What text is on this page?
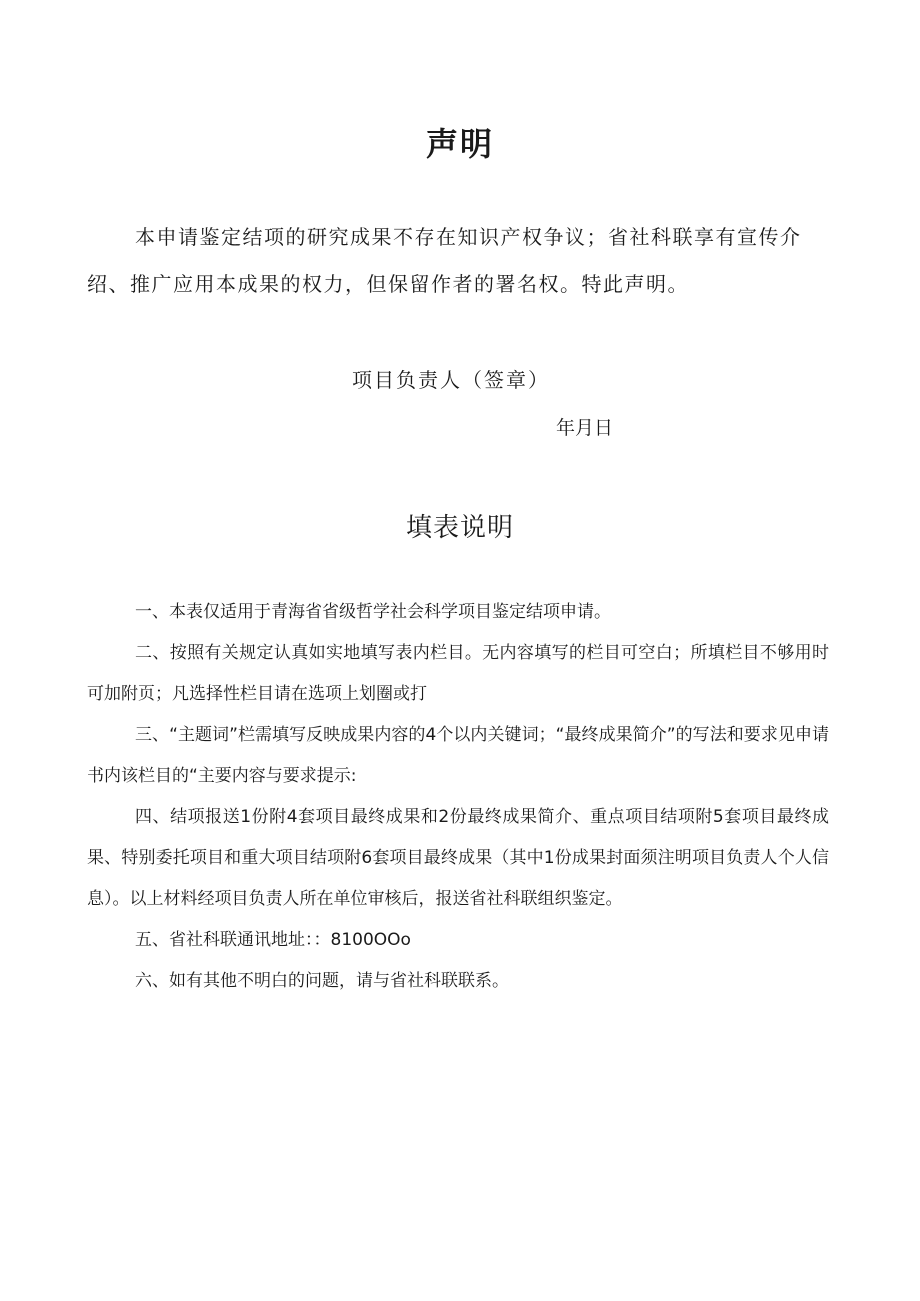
声明

本申请鉴定结项的研究成果不存在知识产权争议；省社科联享有宣传介绍、推广应用本成果的权力，但保留作者的署名权。特此声明。

项目负责人（签章）
年月日
填表说明

一、本表仅适用于青海省省级哲学社会科学项目鉴定结项申请。

二、按照有关规定认真如实地填写表内栏目。无内容填写的栏目可空白；所填栏目不够用时可加附页；凡选择性栏目请在选项上划圈或打

三、“主题词”栏需填写反映成果内容的4个以内关键词；“最终成果简介”的写法和要求见申请书内该栏目的“主要内容与要求提示:

四、结项报送1份附4套项目最终成果和2份最终成果简介、重点项目结项附5套项目最终成果、特别委托项目和重大项目结项附6套项目最终成果（其中1份成果封面须注明项目负责人个人信息）。以上材料经项目负责人所在单位审核后，报送省社科联组织鉴定。

五、省社科联通讯地址：：8100OOo

六、如有其他不明白的问题，请与省社科联联系。
